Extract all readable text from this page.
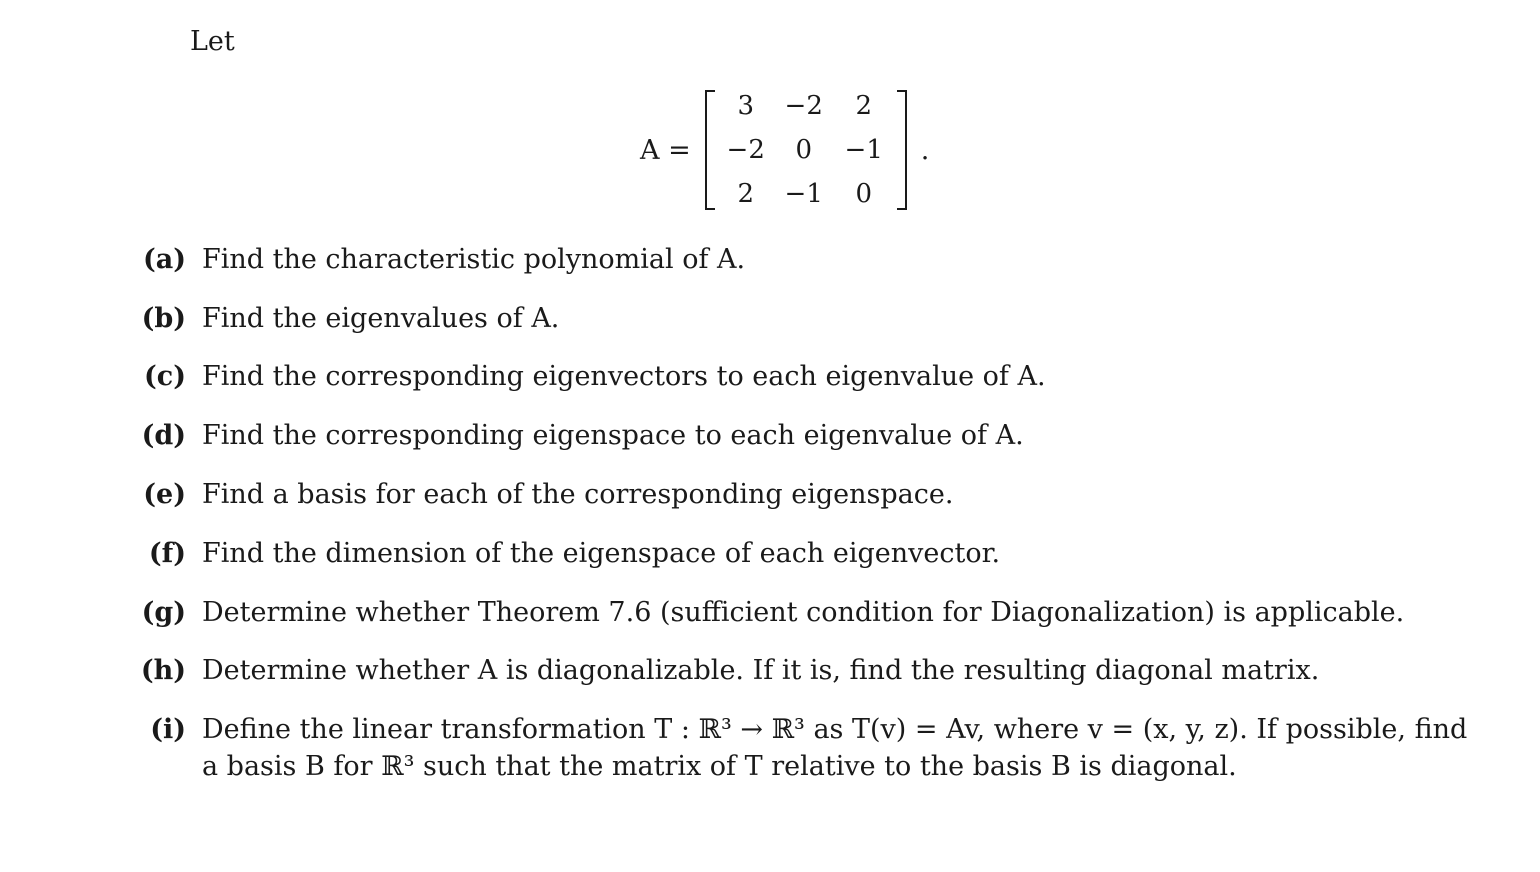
Let
A =
3	−2	2
−2	0	−1
2	−1	0
.
(a) Find the characteristic polynomial of A.
(b) Find the eigenvalues of A.
(c) Find the corresponding eigenvectors to each eigenvalue of A.
(d) Find the corresponding eigenspace to each eigenvalue of A.
(e) Find a basis for each of the corresponding eigenspace.
(f) Find the dimension of the eigenspace of each eigenvector.
(g) Determine whether Theorem 7.6 (sufficient condition for Diagonalization) is applicable.
(h) Determine whether A is diagonalizable. If it is, find the resulting diagonal matrix.
(i) Define the linear transformation T : ℝ³ → ℝ³ as T(v) = Av, where v = (x, y, z). If possible, find
a basis B for ℝ³ such that the matrix of T relative to the basis B is diagonal.
